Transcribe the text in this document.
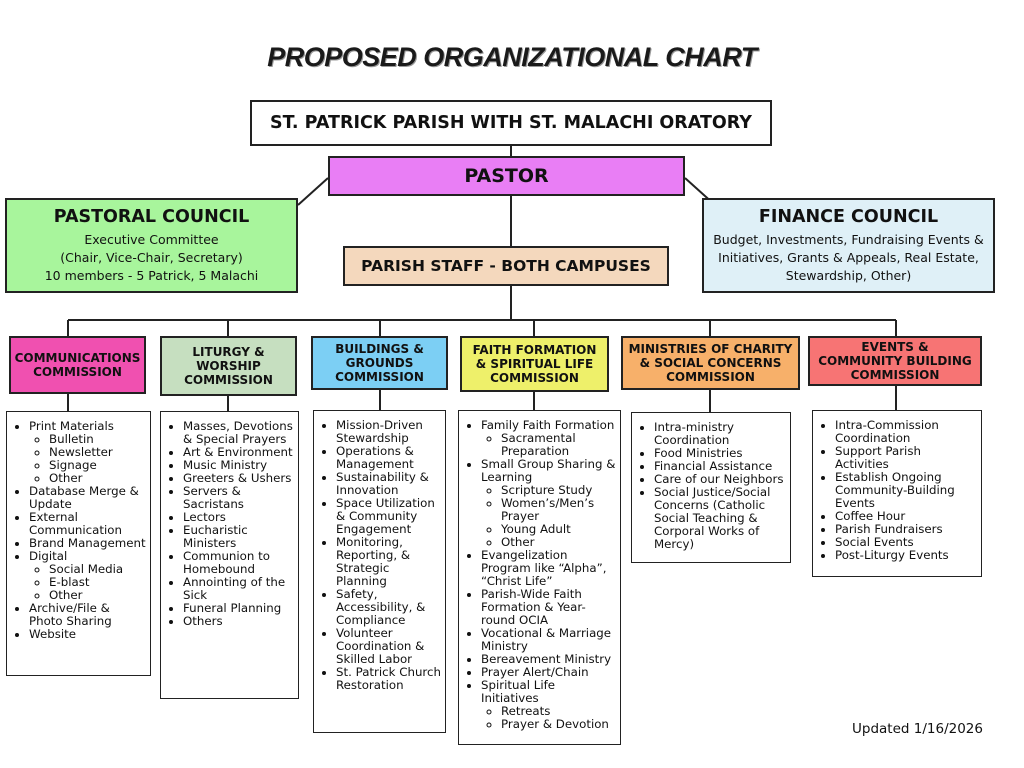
PROPOSED ORGANIZATIONAL CHART
ST. PATRICK PARISH WITH ST. MALACHI ORATORY
PASTOR
PASTORAL COUNCIL
Executive Committee
(Chair, Vice-Chair, Secretary)
10 members - 5 Patrick, 5 Malachi
FINANCE COUNCIL
Budget, Investments, Fundraising Events &
Initiatives, Grants & Appeals, Real Estate,
Stewardship, Other)
PARISH STAFF - BOTH CAMPUSES
COMMUNICATIONS
COMMISSION
LITURGY &
WORSHIP
COMMISSION
BUILDINGS &
GROUNDS
COMMISSION
FAITH FORMATION
& SPIRITUAL LIFE
COMMISSION
MINISTRIES OF CHARITY
& SOCIAL CONCERNS
COMMISSION
EVENTS &
COMMUNITY BUILDING
COMMISSION
• Print Materials
◦ Bulletin
◦ Newsletter
◦ Signage
◦ Other
• Database Merge & Update
• External Communication
• Brand Management
• Digital
◦ Social Media
◦ E-blast
◦ Other
• Archive/File & Photo Sharing
• Website
• Masses, Devotions & Special Prayers
• Art & Environment
• Music Ministry
• Greeters & Ushers
• Servers & Sacristans
• Lectors
• Eucharistic Ministers
• Communion to Homebound
• Annointing of the Sick
• Funeral Planning
• Others
• Mission-Driven Stewardship
• Operations & Management
• Sustainability & Innovation
• Space Utilization & Community Engagement
• Monitoring, Reporting, & Strategic Planning
• Safety, Accessibility, & Compliance
• Volunteer Coordination & Skilled Labor
• St. Patrick Church Restoration
• Family Faith Formation
◦ Sacramental Preparation
• Small Group Sharing & Learning
◦ Scripture Study
◦ Women’s/Men’s Prayer
◦ Young Adult
◦ Other
• Evangelization Program like “Alpha”, “Christ Life”
• Parish-Wide Faith Formation & Year-round OCIA
• Vocational & Marriage Ministry
• Bereavement Ministry
• Prayer Alert/Chain
• Spiritual Life Initiatives
◦ Retreats
◦ Prayer & Devotion
• Intra-ministry Coordination
• Food Ministries
• Financial Assistance
• Care of our Neighbors
• Social Justice/Social Concerns (Catholic Social Teaching & Corporal Works of Mercy)
• Intra-Commission Coordination
• Support Parish Activities
• Establish Ongoing Community-Building Events
• Coffee Hour
• Parish Fundraisers
• Social Events
• Post-Liturgy Events
Updated 1/16/2026
